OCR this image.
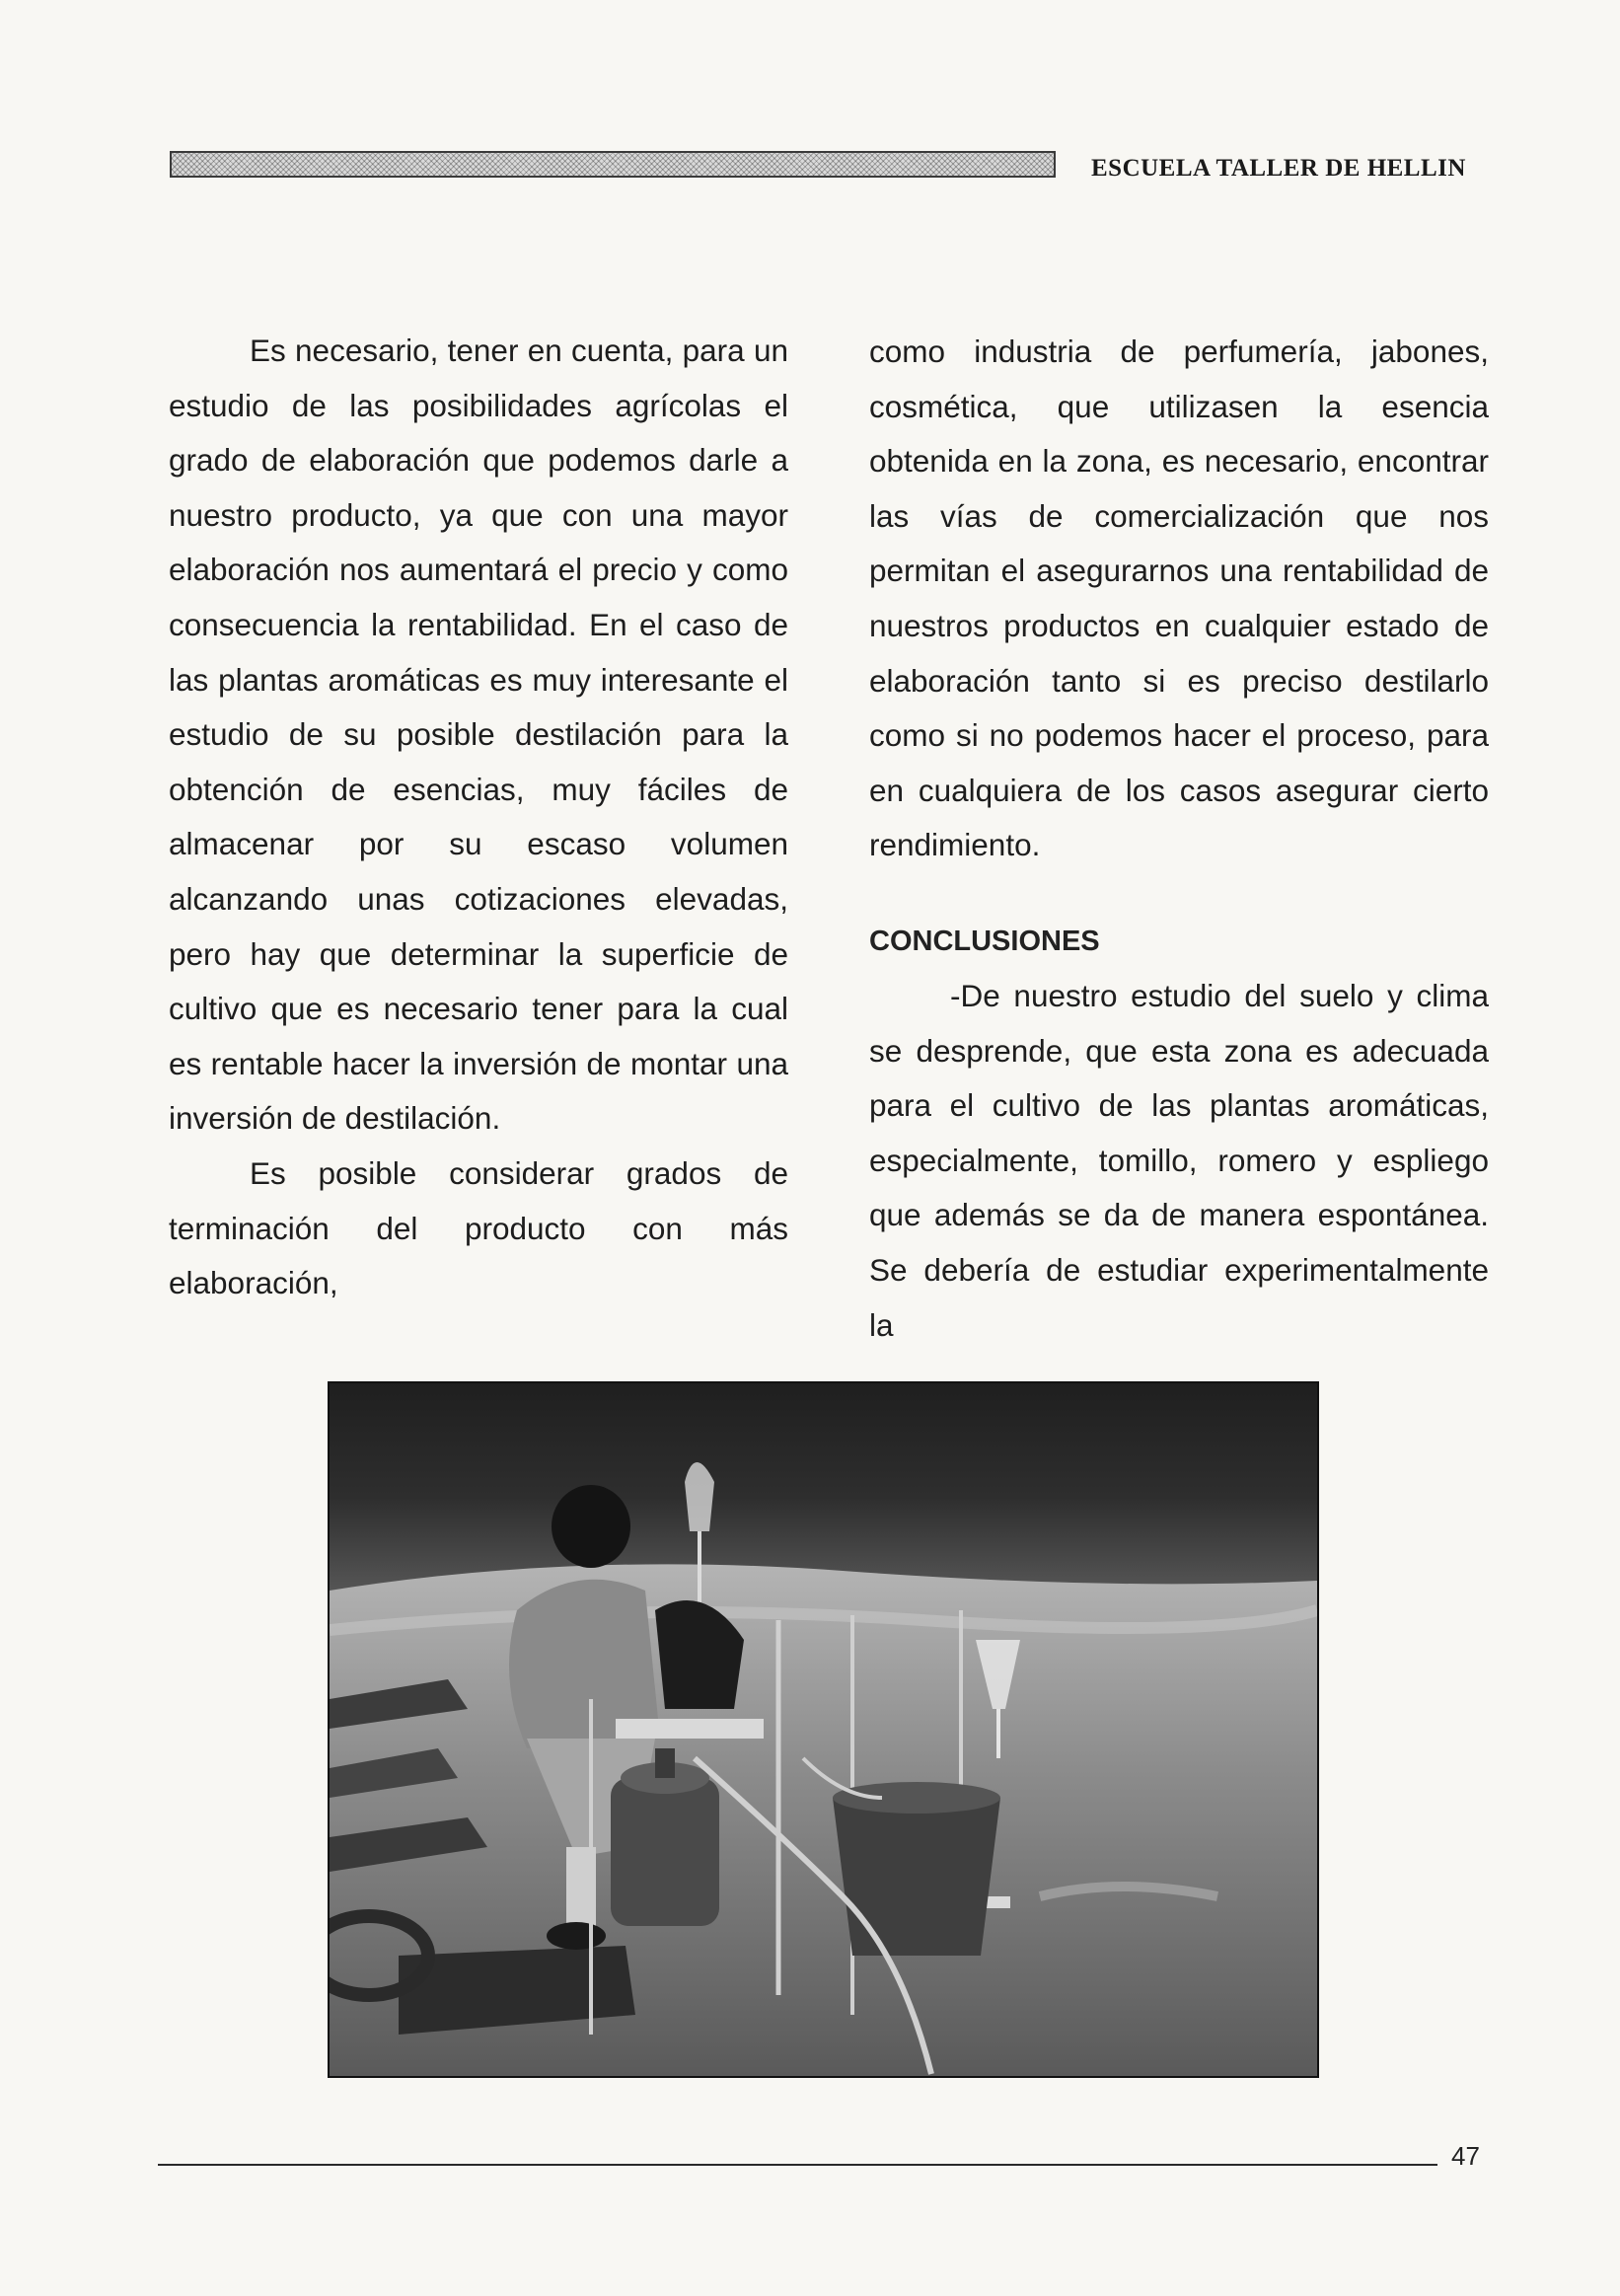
ESCUELA TALLER DE HELLIN

Es necesario, tener en cuenta, para un estudio de las posibilidades agrícolas el grado de elaboración que podemos darle a nuestro producto, ya que con una mayor elaboración nos aumentará el precio y como consecuencia la rentabilidad. En el caso de las plantas aromáticas es muy interesante el estudio de su posible destilación para la obtención de esencias, muy fáciles de almacenar por su escaso volumen alcanzando unas cotizaciones elevadas, pero hay que determinar la superficie de cultivo que es necesario tener para la cual es rentable hacer la inversión de montar una inversión de destilación.

Es posible considerar grados de terminación del producto con más elaboración,

como industria de perfumería, jabones, cosmética, que utilizasen la esencia obtenida en la zona, es necesario, encontrar las vías de comercialización que nos permitan el asegurarnos una rentabilidad de nuestros productos en cualquier estado de elaboración tanto si es preciso destilarlo como si no podemos hacer el proceso, para en cualquiera de los casos asegurar cierto rendimiento.

CONCLUSIONES

-De nuestro estudio del suelo y clima se desprende, que esta zona es adecuada para el cultivo de las plantas aromáticas, especialmente, tomillo, romero y espliego que además se da de manera espontánea. Se debería de estudiar experimentalmente la

47
